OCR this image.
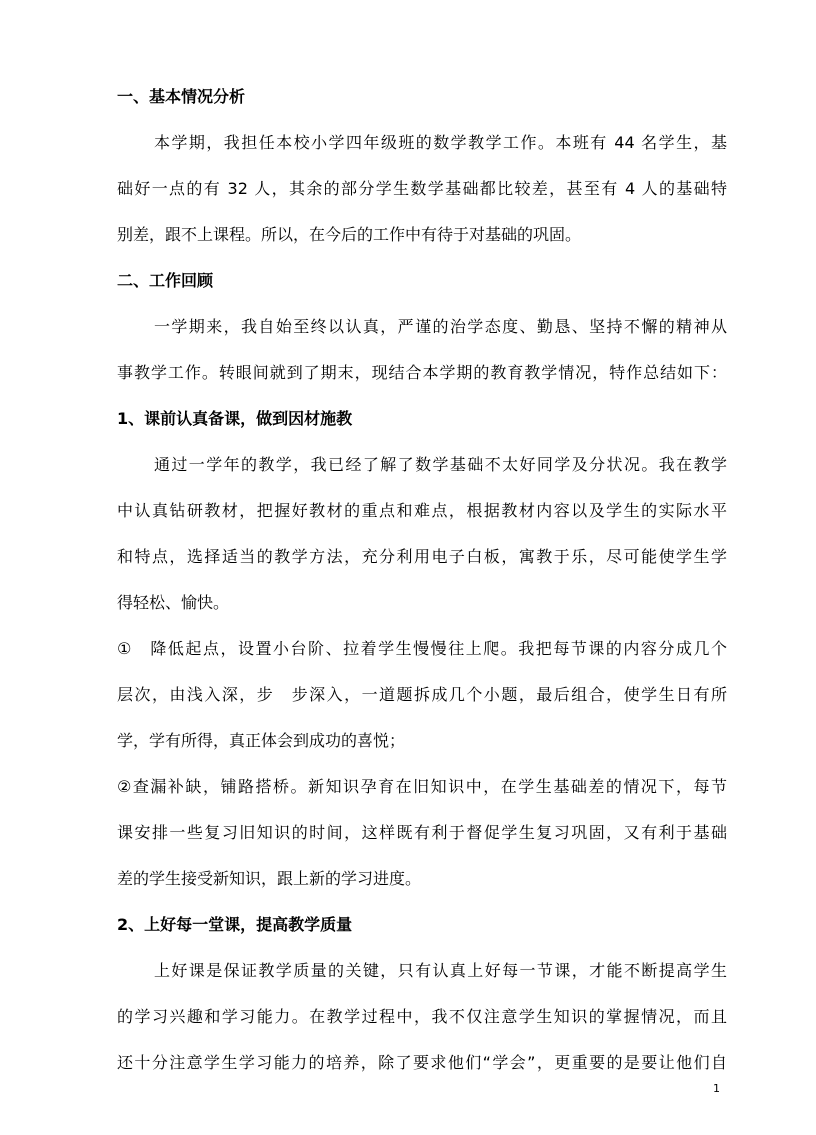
一、基本情况分析
本学期，我担任本校小学四年级班的数学教学工作。本班有 44 名学生，基
础好一点的有 32 人，其余的部分学生数学基础都比较差，甚至有 4 人的基础特
别差，跟不上课程。所以，在今后的工作中有待于对基础的巩固。
二、工作回顾
一学期来，我自始至终以认真，严谨的治学态度、勤恳、坚持不懈的精神从
事教学工作。转眼间就到了期末，现结合本学期的教育教学情况，特作总结如下：
1、课前认真备课，做到因材施教
通过一学年的教学，我已经了解了数学基础不太好同学及分状况。我在教学
中认真钻研教材，把握好教材的重点和难点，根据教材内容以及学生的实际水平
和特点，选择适当的教学方法，充分利用电子白板，寓教于乐，尽可能使学生学
得轻松、愉快。
①　降低起点，设置小台阶、拉着学生慢慢往上爬。我把每节课的内容分成几个
层次，由浅入深，步　步深入，一道题拆成几个小题，最后组合，使学生日有所
学，学有所得，真正体会到成功的喜悦；
②查漏补缺，铺路搭桥。新知识孕育在旧知识中，在学生基础差的情况下，每节
课安排一些复习旧知识的时间，这样既有利于督促学生复习巩固，又有利于基础
差的学生接受新知识，跟上新的学习进度。
2、上好每一堂课，提高教学质量
上好课是保证教学质量的关键，只有认真上好每一节课，才能不断提高学生
的学习兴趣和学习能力。在教学过程中，我不仅注意学生知识的掌握情况，而且
还十分注意学生学习能力的培养，除了要求他们“学会”，更重要的是要让他们自
1
